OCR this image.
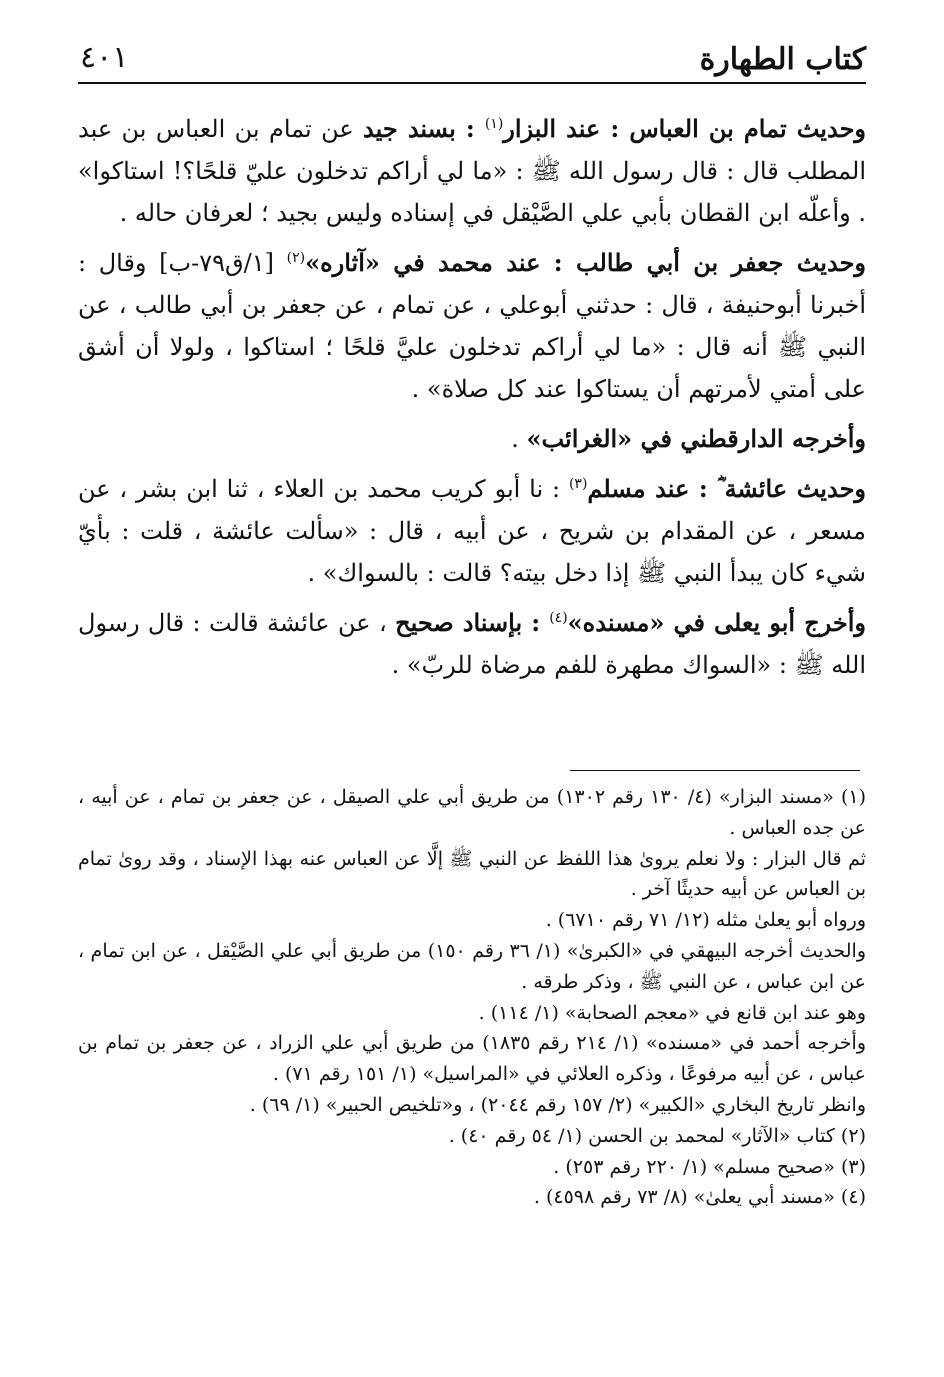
كتاب الطهارة
٤٠١

وحديث تمام بن العباس : عند البزار$^{(١)}$ : بسند جيد عن تمام بن العباس بن عبد المطلب قال : قال رسول الله ﷺ : «ما لي أراكم تدخلون عليّ قلحًا؟! استاكوا» . وأعلّه ابن القطان بأبي علي الصَّيْقل في إسناده وليس بجيد ؛ لعرفان حاله .

وحديث جعفر بن أبي طالب : عند محمد في «آثاره»$^{(٢)}$ [١/ق٧٩-ب] وقال : أخبرنا أبوحنيفة ، قال : حدثني أبوعلي ، عن تمام ، عن جعفر بن أبي طالب ، عن النبي ﷺ أنه قال : «ما لي أراكم تدخلون عليَّ قلحًا ؛ استاكوا ، ولولا أن أشق على أمتي لأمرتهم أن يستاكوا عند كل صلاة» .

وأخرجه الدارقطني في «الغرائب» .

وحديث عائشة ؓ : عند مسلم$^{(٣)}$ : نا أبو كريب محمد بن العلاء ، ثنا ابن بشر ، عن مسعر ، عن المقدام بن شريح ، عن أبيه ، قال : «سألت عائشة ، قلت : بأيّ شيء كان يبدأ النبي ﷺ إذا دخل بيته؟ قالت : بالسواك» .

وأخرج أبو يعلى في «مسنده»$^{(٤)}$ : بإسناد صحيح ، عن عائشة قالت : قال رسول الله ﷺ : «السواك مطهرة للفم مرضاة للربّ» .

(١) «مسند البزار» (٤/ ١٣٠ رقم ١٣٠٢) من طريق أبي علي الصيقل ، عن جعفر بن تمام ، عن أبيه ، عن جده العباس .

ثم قال البزار : ولا نعلم يروىٰ هذا اللفظ عن النبي ﷺ إلَّا عن العباس عنه بهذا الإسناد ، وقد روىٰ تمام بن العباس عن أبيه حديثًا آخر .

ورواه أبو يعلىٰ مثله (١٢/ ٧١ رقم ٦٧١٠) .

والحديث أخرجه البيهقي في «الكبرىٰ» (١/ ٣٦ رقم ١٥٠) من طريق أبي علي الصَّيْقل ، عن ابن تمام ، عن ابن عباس ، عن النبي ﷺ ، وذكر طرقه .

وهو عند ابن قانع في «معجم الصحابة» (١/ ١١٤) .

وأخرجه أحمد في «مسنده» (١/ ٢١٤ رقم ١٨٣٥) من طريق أبي علي الزراد ، عن جعفر بن تمام بن عباس ، عن أبيه مرفوعًا ، وذكره العلائي في «المراسيل» (١/ ١٥١ رقم ٧١) .

وانظر تاريخ البخاري «الكبير» (٢/ ١٥٧ رقم ٢٠٤٤) ، و«تلخيص الحبير» (١/ ٦٩) .

(٢) كتاب «الآثار» لمحمد بن الحسن (١/ ٥٤ رقم ٤٠) .

(٣) «صحيح مسلم» (١/ ٢٢٠ رقم ٢٥٣) .

(٤) «مسند أبي يعلىٰ» (٨/ ٧٣ رقم ٤٥٩٨) .
